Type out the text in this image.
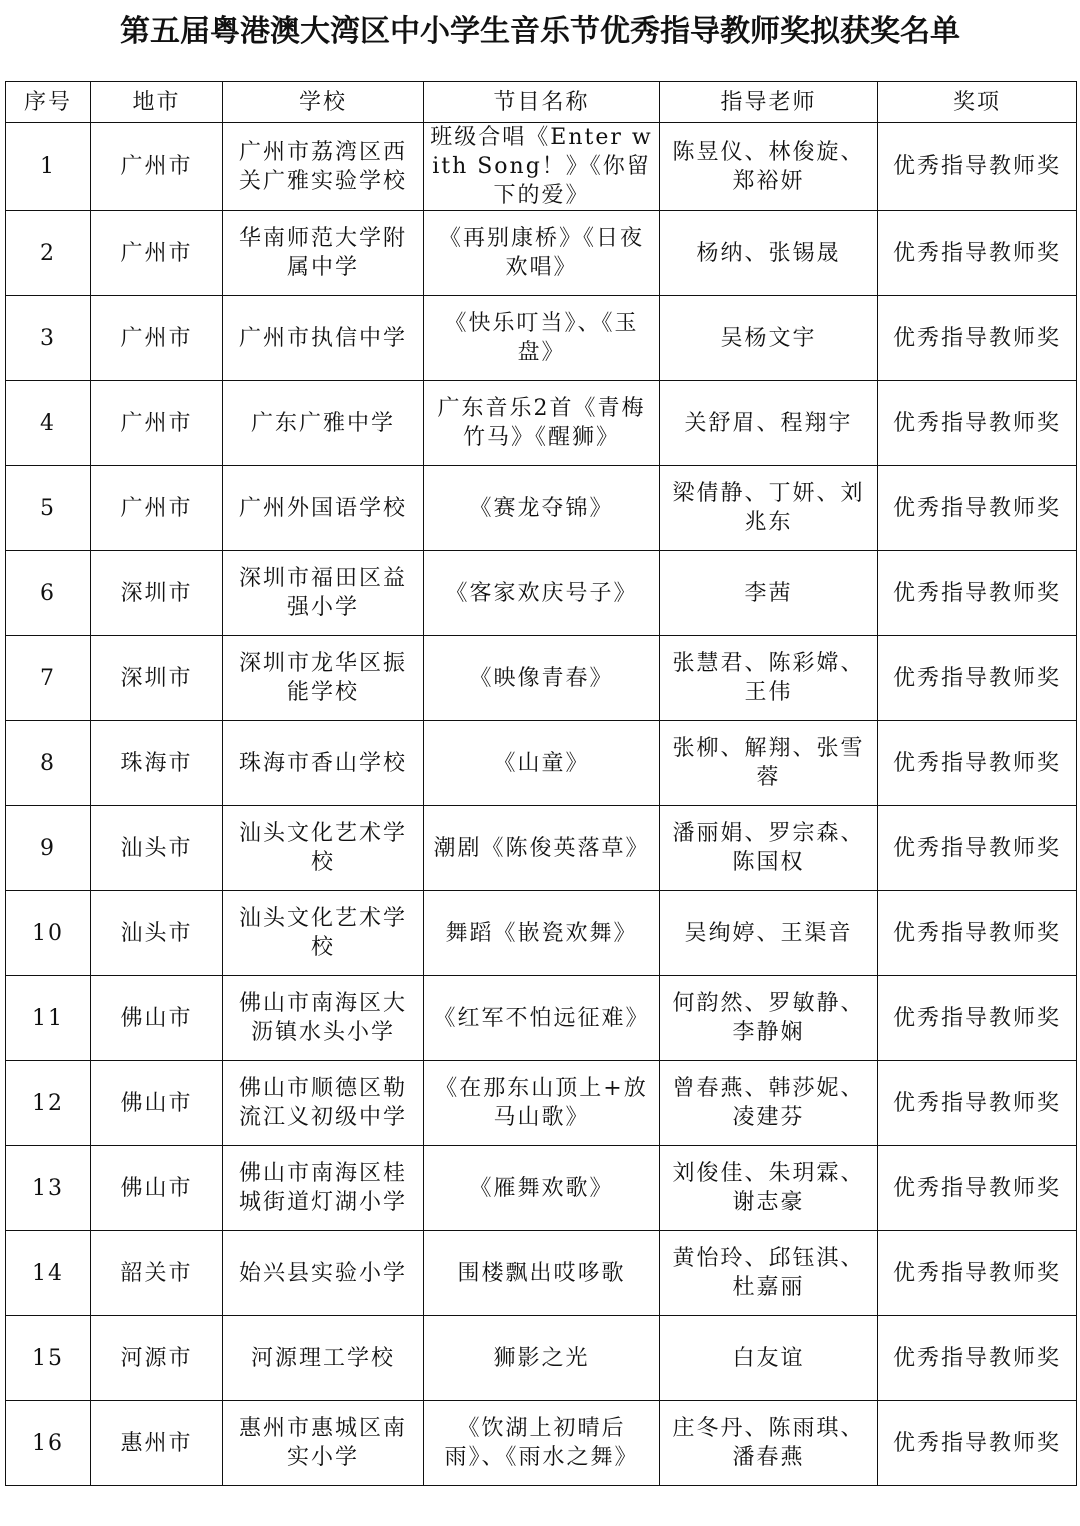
第五届粤港澳大湾区中小学生音乐节优秀指导教师奖拟获奖名单
序号	地市	学校	节目名称	指导老师	奖项
1	广州市	广州市荔湾区西关广雅实验学校	班级合唱《Enter with Song！》《你留下的爱》	陈昱仪、林俊旋、郑裕妍	优秀指导教师奖
2	广州市	华南师范大学附属中学	《再别康桥》《日夜欢唱》	杨纳、张锡晟	优秀指导教师奖
3	广州市	广州市执信中学	《快乐叮当》、《玉盘》	吴杨文宇	优秀指导教师奖
4	广州市	广东广雅中学	广东音乐2首《青梅竹马》《醒狮》	关舒眉、程翔宇	优秀指导教师奖
5	广州市	广州外国语学校	《赛龙夺锦》	梁倩静、丁妍、刘兆东	优秀指导教师奖
6	深圳市	深圳市福田区益强小学	《客家欢庆号子》	李茜	优秀指导教师奖
7	深圳市	深圳市龙华区振能学校	《映像青春》	张慧君、陈彩嫦、王伟	优秀指导教师奖
8	珠海市	珠海市香山学校	《山童》	张柳、解翔、张雪蓉	优秀指导教师奖
9	汕头市	汕头文化艺术学校	潮剧《陈俊英落草》	潘丽娟、罗宗森、陈国权	优秀指导教师奖
10	汕头市	汕头文化艺术学校	舞蹈《嵌瓷欢舞》	吴绚婷、王渠音	优秀指导教师奖
11	佛山市	佛山市南海区大沥镇水头小学	《红军不怕远征难》	何韵然、罗敏静、李静娴	优秀指导教师奖
12	佛山市	佛山市顺德区勒流江义初级中学	《在那东山顶上+放马山歌》	曾春燕、韩莎妮、凌建芬	优秀指导教师奖
13	佛山市	佛山市南海区桂城街道灯湖小学	《雁舞欢歌》	刘俊佳、朱玥霖、谢志豪	优秀指导教师奖
14	韶关市	始兴县实验小学	围楼飘出哎哆歌	黄怡玲、邱钰淇、杜嘉丽	优秀指导教师奖
15	河源市	河源理工学校	狮影之光	白友谊	优秀指导教师奖
16	惠州市	惠州市惠城区南实小学	《饮湖上初晴后雨》、《雨水之舞》	庄冬丹、陈雨琪、潘春燕	优秀指导教师奖
